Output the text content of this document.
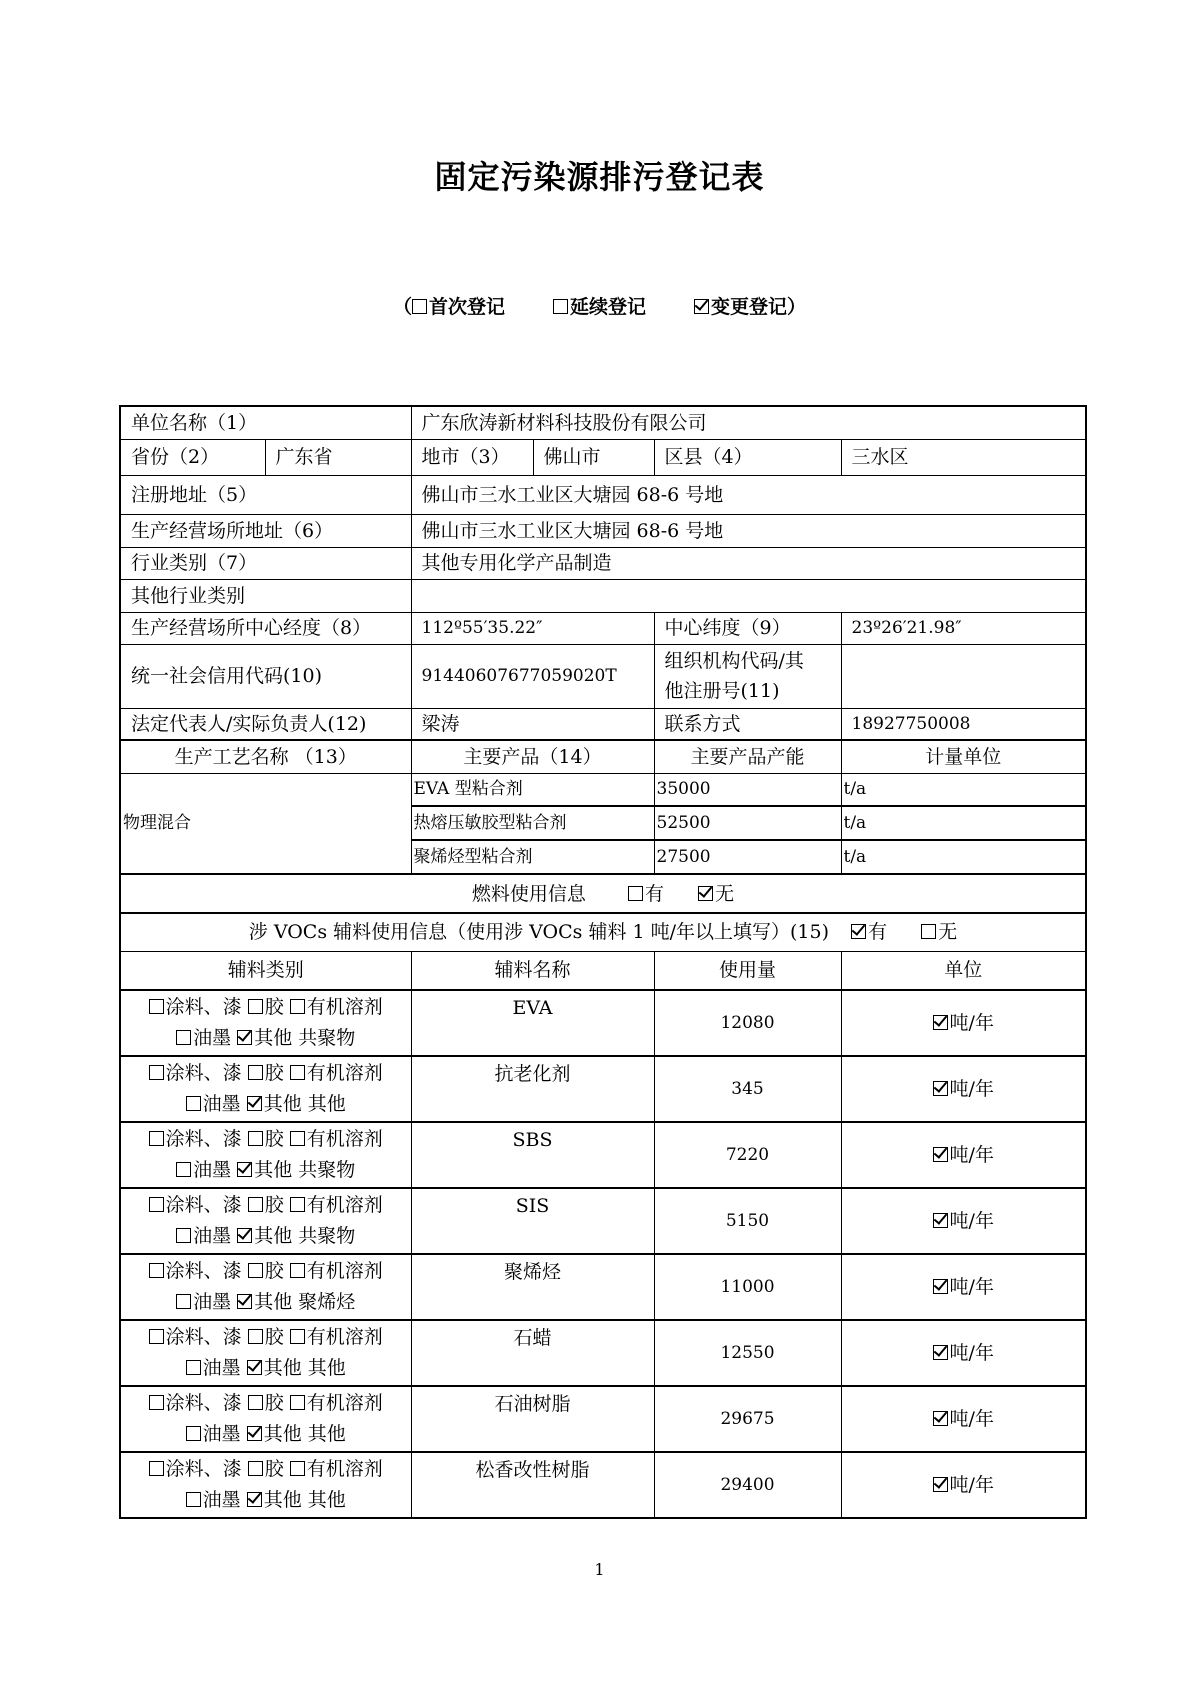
固定污染源排污登记表
（ 首次登记	延续登记	变更登记）
单位名称（1）		广东欣涛新材料科技股份有限公司			
省份（2）	广东省	地市（3）	佛山市	区县（4）	三水区
注册地址（5）		佛山市三水工业区大塘园 68-6 号地			
生产经营场所地址（6）		佛山市三水工业区大塘园 68-6 号地			
行业类别（7）		其他专用化学产品制造			
其他行业类别					
生产经营场所中心经度（8）		112º55′35.22″		中心纬度（9）	23º26′21.98″
统一社会信用代码(10)		91440607677059020T		组织机构代码/其
他注册号(11)	

法定代表人/实际负责人(12)		梁涛		联系方式	18927750008
生产工艺名称 （13）		主要产品（14）		主要产品产能	计量单位
物理混合		EVA 型粘合剂		35000	t/a
		热熔压敏胶型粘合剂		52500	t/a
		聚烯烃型粘合剂		27500	t/a
燃料使用信息 有 无					
涉 VOCs 辅料使用信息（使用涉 VOCs 辅料 1 吨/年以上填写）(15) 有 无					
辅料类别		辅料名称		使用量	单位

涂料、漆 胶 有机溶剂
油墨 其他 共聚物		EVA		12080	吨/年

涂料、漆 胶 有机溶剂
油墨 其他 其他		抗老化剂		345	吨/年

涂料、漆 胶 有机溶剂
油墨 其他 共聚物		SBS		7220	吨/年

涂料、漆 胶 有机溶剂
油墨 其他 共聚物		SIS		5150	吨/年

涂料、漆 胶 有机溶剂
油墨 其他 聚烯烃		聚烯烃		11000	吨/年

涂料、漆 胶 有机溶剂
油墨 其他 其他		石蜡		12550	吨/年

涂料、漆 胶 有机溶剂
油墨 其他 其他		石油树脂		29675	吨/年

涂料、漆 胶 有机溶剂
油墨 其他 其他		松香改性树脂		29400	吨/年
1
